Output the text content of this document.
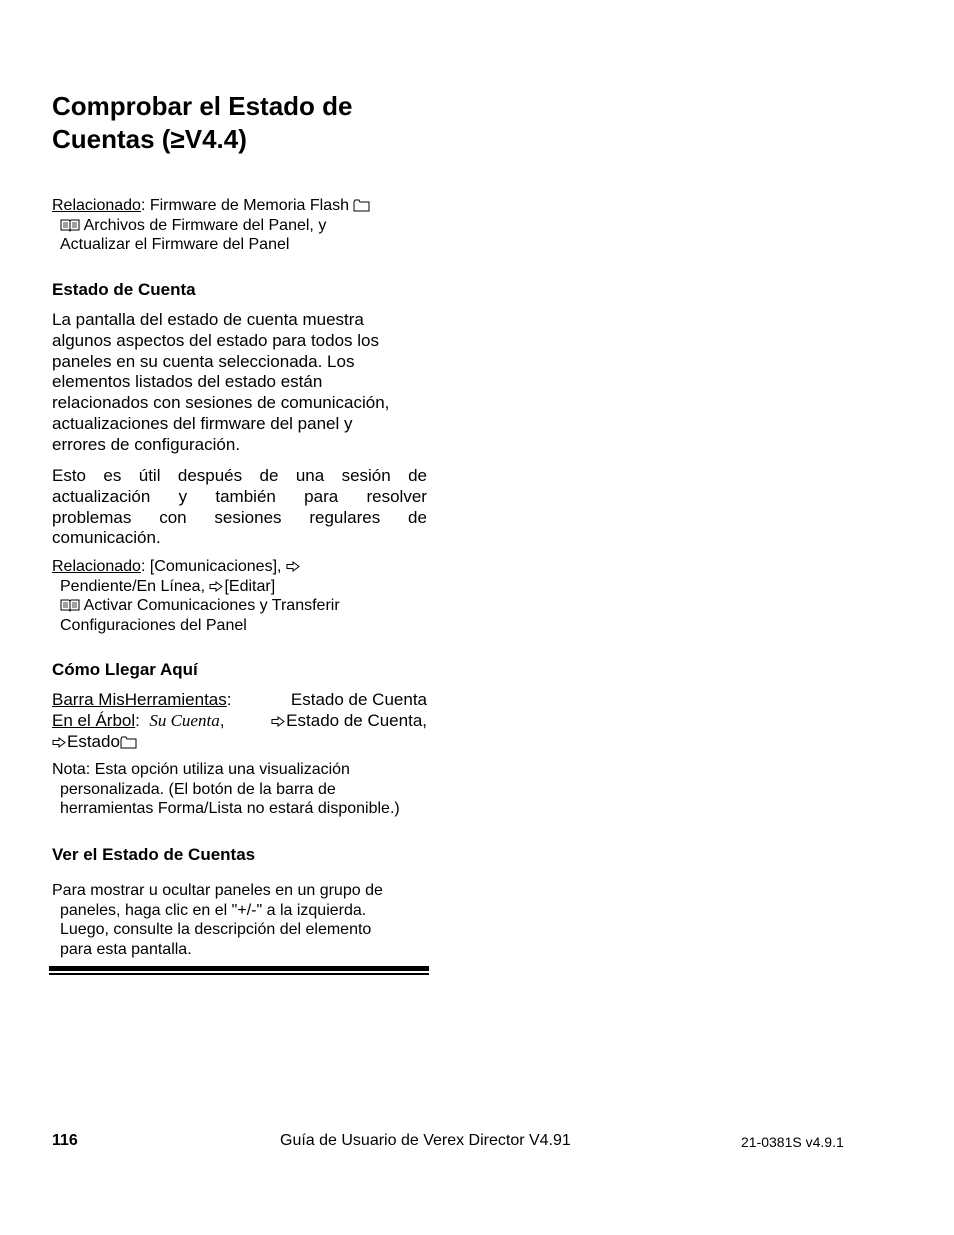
Comprobar el Estado de
Cuentas (≥V4.4)
Relacionado: Firmware de Memoria Flash

Archivos de Firmware del Panel, y
Actualizar el Firmware del Panel
Estado de Cuenta
La pantalla del estado de cuenta muestra
algunos aspectos del estado para todos los
paneles en su cuenta seleccionada. Los
elementos listados del estado están
relacionados con sesiones de comunicación,
actualizaciones del firmware del panel y
errores de configuración.
Esto es útil después de una sesión de
actualización y también para resolver
problemas con sesiones regulares de
comunicación.
Relacionado: [Comunicaciones],

Pendiente/En Línea, [Editar]
Activar Comunicaciones y Transferir
Configuraciones del Panel
Cómo Llegar Aquí
Barra MisHerramientas:	Estado de Cuenta
En el Árbol:  Su Cuenta,	Estado de Cuenta,
Estado
Nota: Esta opción utiliza una visualización
personalizada. (El botón de la barra de
herramientas Forma/Lista no estará disponible.)
Ver el Estado de Cuentas
Para mostrar u ocultar paneles en un grupo de
paneles, haga clic en el "+/-" a la izquierda.
Luego, consulte la descripción del elemento
para esta pantalla.
116	Guía de Usuario de Verex Director V4.91	21-0381S v4.9.1
